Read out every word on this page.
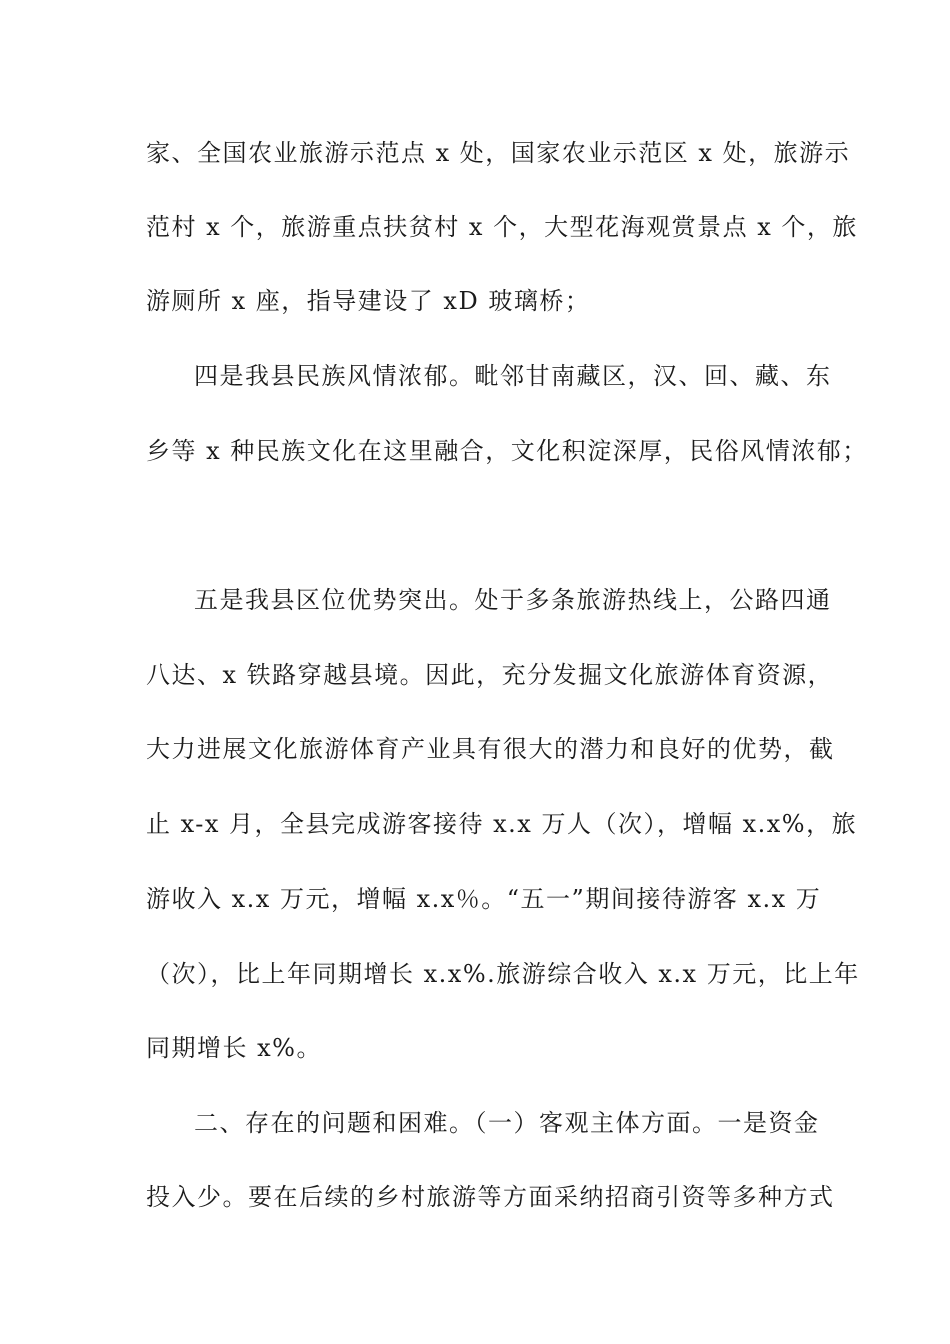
家、全国农业旅游示范点 x 处，国家农业示范区 x 处，旅游示
范村 x 个，旅游重点扶贫村 x 个，大型花海观赏景点 x 个，旅
游厕所 x 座，指导建设了 xD 玻璃桥；
四是我县民族风情浓郁。毗邻甘南藏区，汉、回、藏、东
乡等 x 种民族文化在这里融合，文化积淀深厚，民俗风情浓郁；
五是我县区位优势突出。处于多条旅游热线上，公路四通
八达、x 铁路穿越县境。因此，充分发掘文化旅游体育资源，
大力进展文化旅游体育产业具有很大的潜力和良好的优势，截
止 x-x 月，全县完成游客接待 x.x 万人（次），增幅 x.x%，旅
游收入 x.x 万元，增幅 x.x％。“五一”期间接待游客 x.x 万
（次），比上年同期增长 x.x%.旅游综合收入 x.x 万元，比上年
同期增长 x%。
二、存在的问题和困难。（一）客观主体方面。一是资金
投入少。要在后续的乡村旅游等方面采纳招商引资等多种方式
